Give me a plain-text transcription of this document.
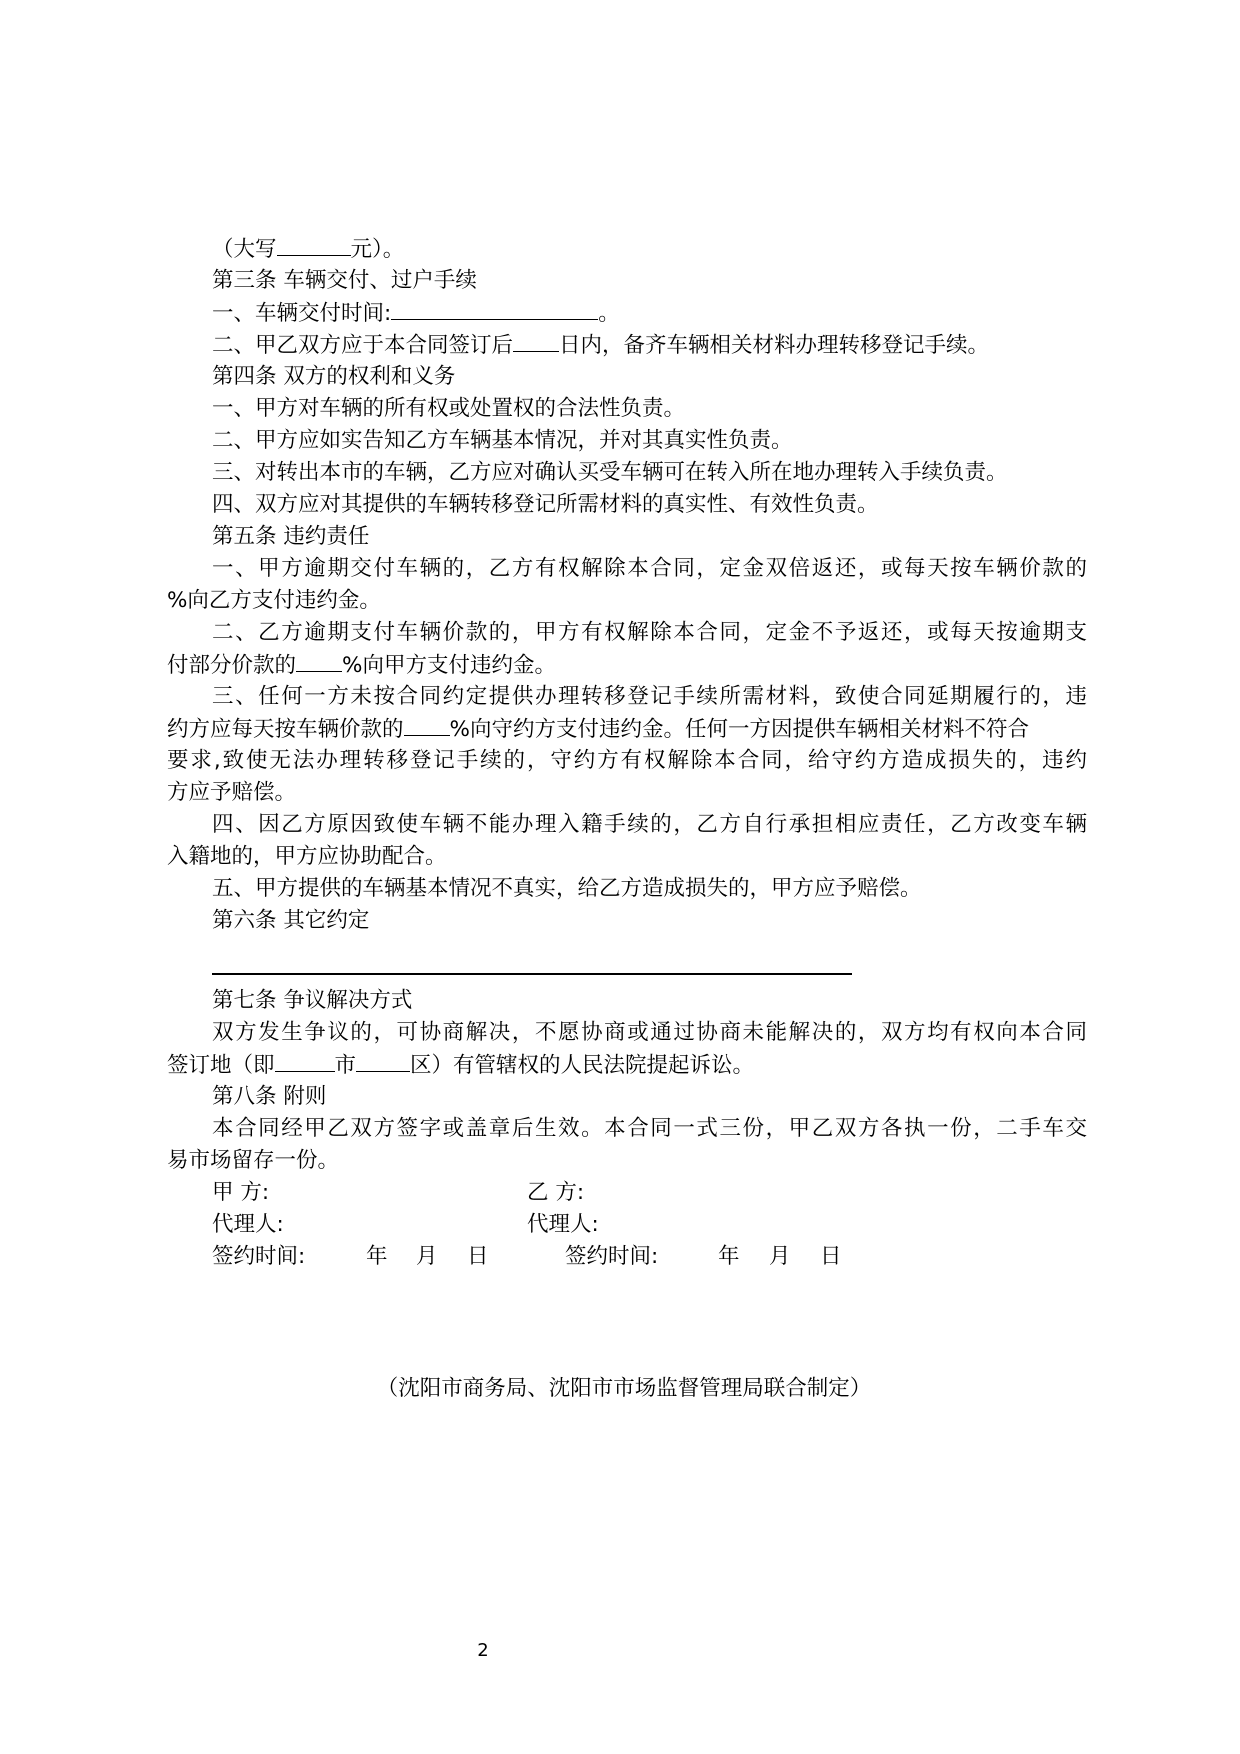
（大写	元）。
第三条 车辆交付、过户手续
一、车辆交付时间:	。
二、甲乙双方应于本合同签订后 日内，备齐车辆相关材料办理转移登记手续。
第四条 双方的权利和义务
一、甲方对车辆的所有权或处置权的合法性负责。
二、甲方应如实告知乙方车辆基本情况，并对其真实性负责。
三、对转出本市的车辆，乙方应对确认买受车辆可在转入所在地办理转入手续负责。
四、双方应对其提供的车辆转移登记所需材料的真实性、有效性负责。
第五条 违约责任
一、甲方逾期交付车辆的，乙方有权解除本合同，定金双倍返还，或每天按车辆价款的
%向乙方支付违约金。
二、乙方逾期支付车辆价款的，甲方有权解除本合同，定金不予返还，或每天按逾期支
付部分价款的 %向甲方支付违约金。
三、任何一方未按合同约定提供办理转移登记手续所需材料，致使合同延期履行的，违
约方应每天按车辆价款的 %向守约方支付违约金。任何一方因提供车辆相关材料不符合
要求,致使无法办理转移登记手续的，守约方有权解除本合同，给守约方造成损失的，违约
方应予赔偿。
四、因乙方原因致使车辆不能办理入籍手续的，乙方自行承担相应责任，乙方改变车辆
入籍地的，甲方应协助配合。
五、甲方提供的车辆基本情况不真实，给乙方造成损失的，甲方应予赔偿。
第六条 其它约定
第七条 争议解决方式
双方发生争议的，可协商解决，不愿协商或通过协商未能解决的，双方均有权向本合同
签订地（即	市	区）有管辖权的人民法院提起诉讼。
第八条 附则
本合同经甲乙双方签字或盖章后生效。本合同一式三份，甲乙双方各执一份，二手车交
易市场留存一份。
甲 方:	乙 方:
代理人:	代理人:
签约时间:	年 月 日	签约时间:	年 月 日
（沈阳市商务局、沈阳市市场监督管理局联合制定）
2
